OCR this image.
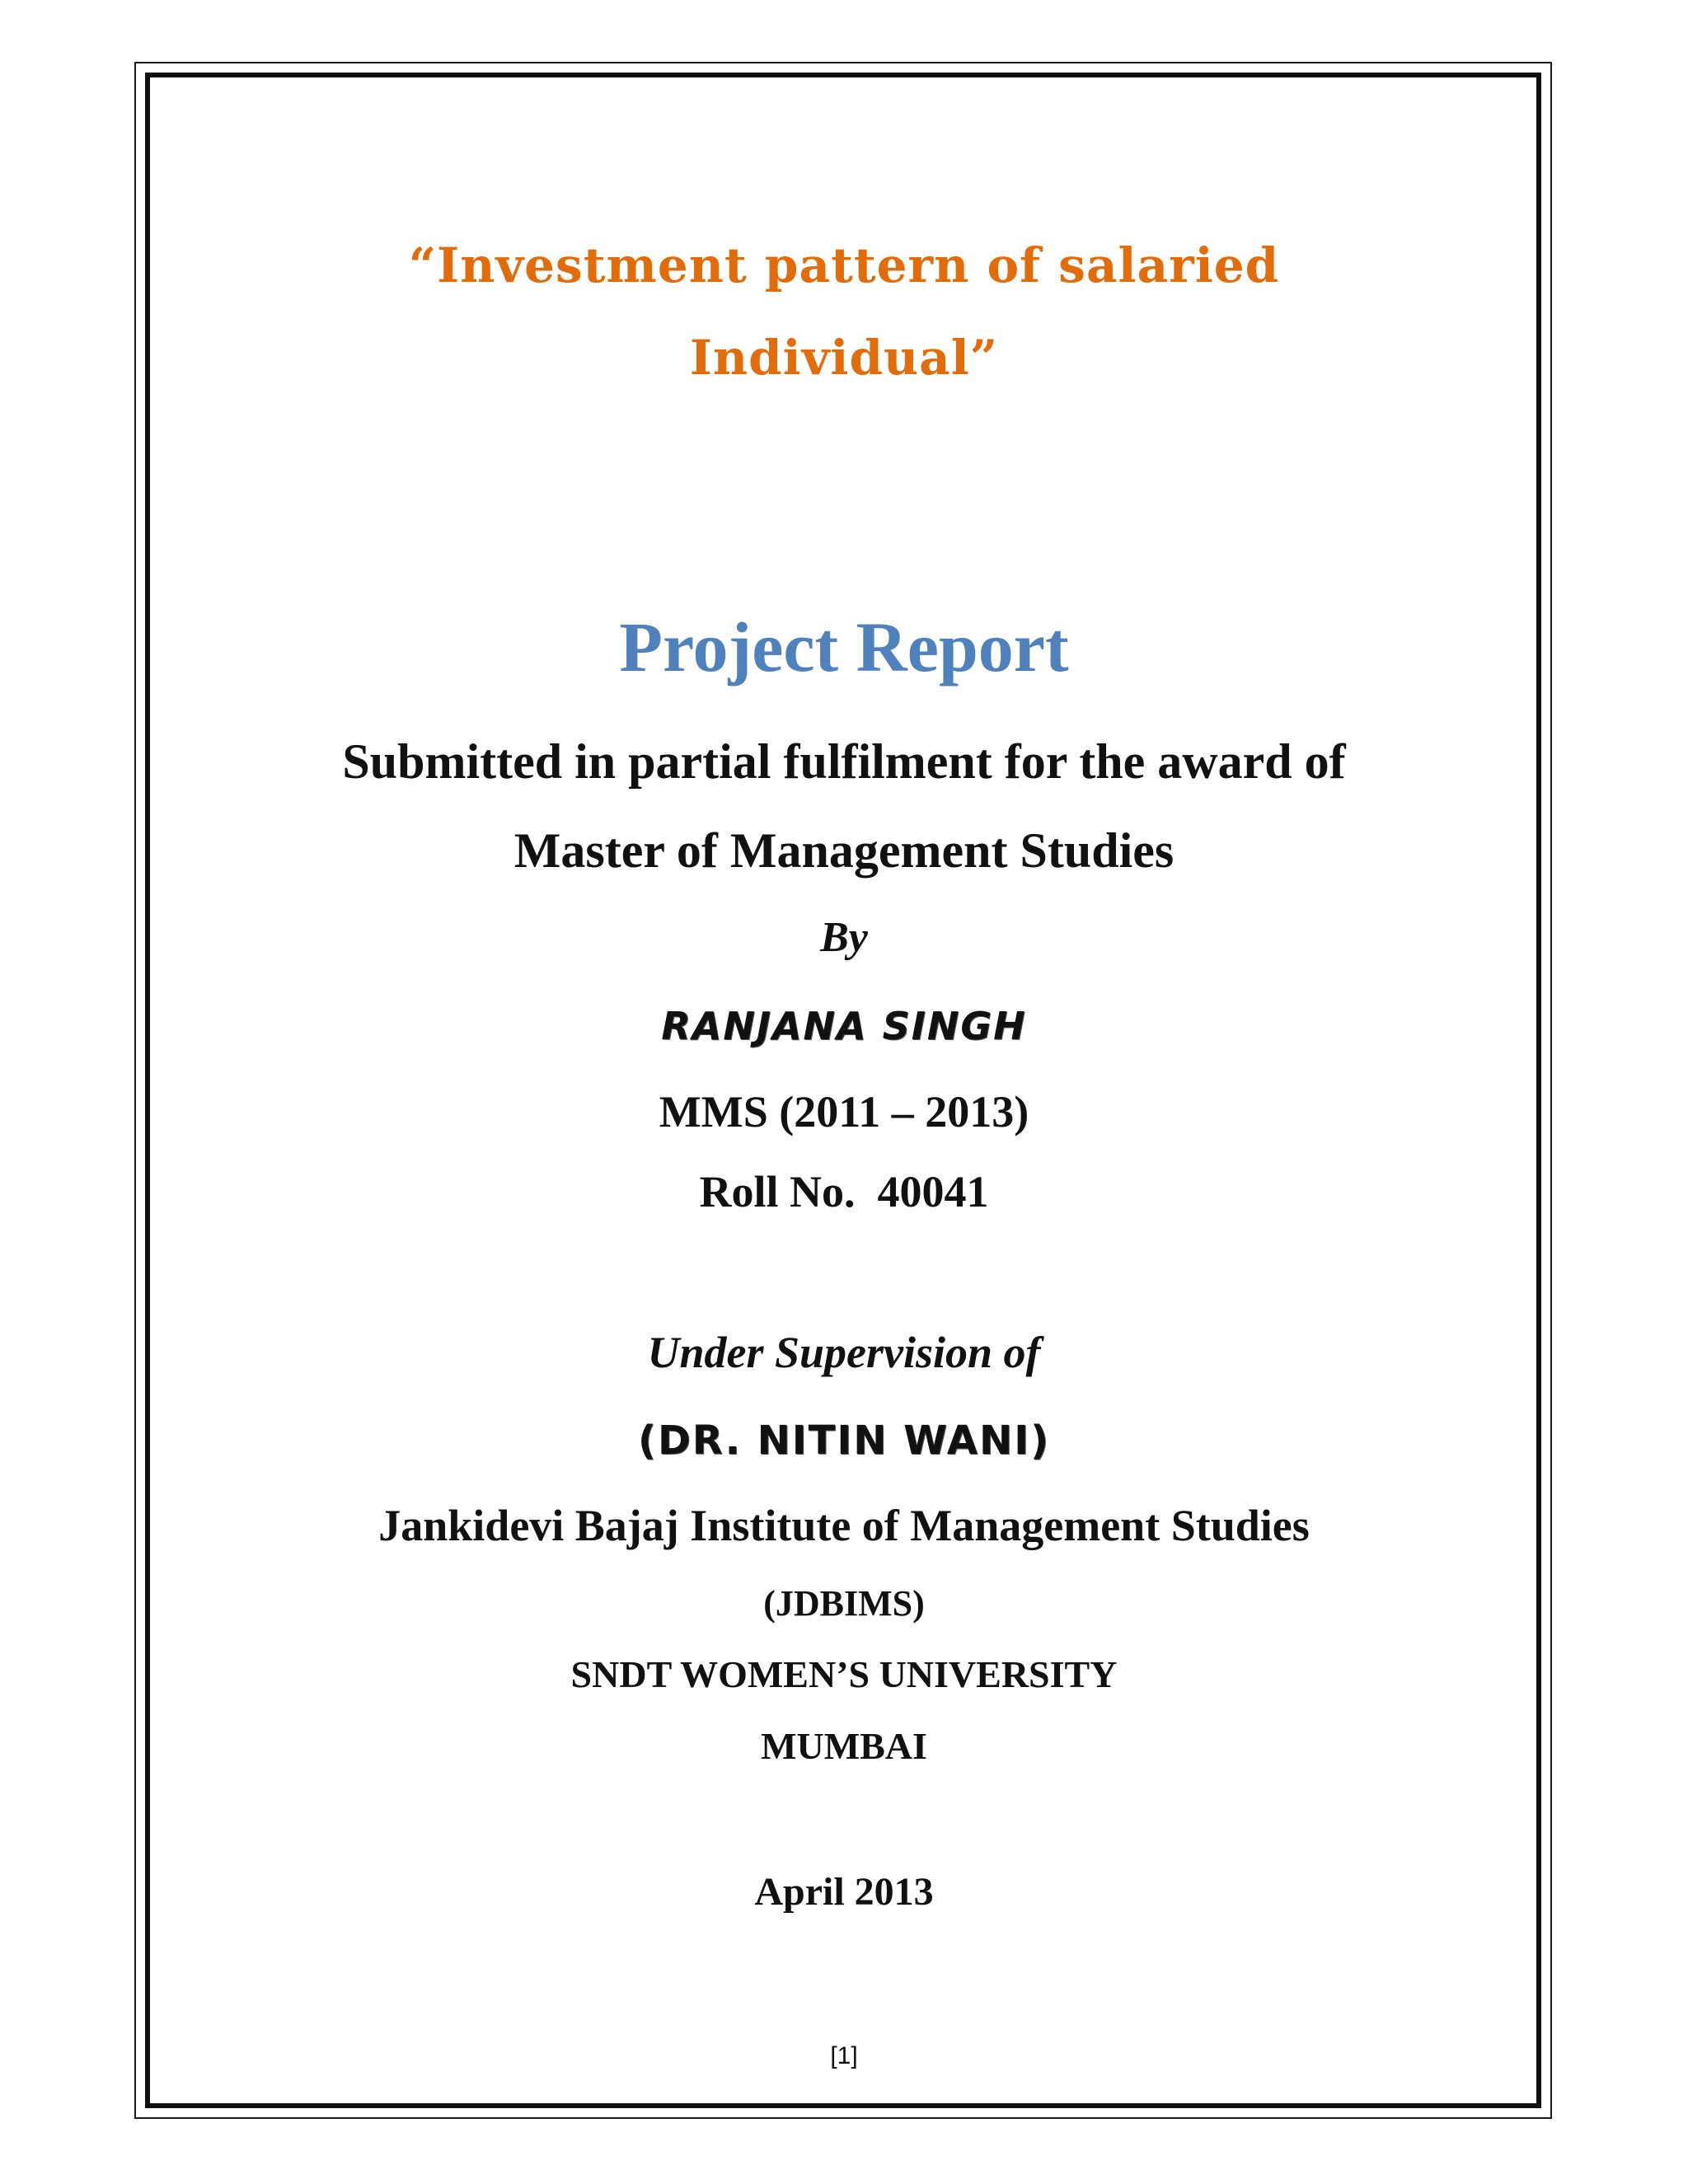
“Investment pattern of salaried
Individual”
Project Report
Submitted in partial fulfilment for the award of
Master of Management Studies
By
RANJANA SINGH
MMS (2011 – 2013)
Roll No.  40041
Under Supervision of
(DR. NITIN WANI)
Jankidevi Bajaj Institute of Management Studies
(JDBIMS)
SNDT WOMEN’S UNIVERSITY
MUMBAI
April 2013
[1]
